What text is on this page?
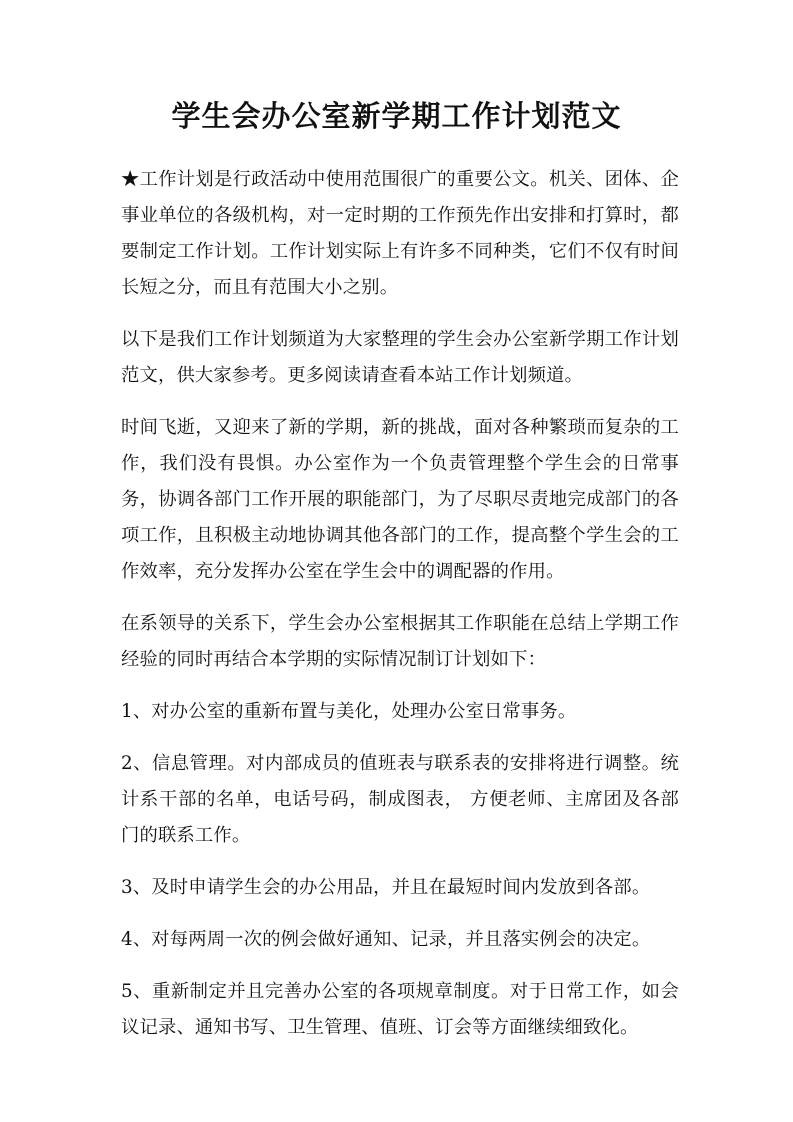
学生会办公室新学期工作计划范文

★工作计划是行政活动中使用范围很广的重要公文。机关、团体、企事业单位的各级机构，对一定时期的工作预先作出安排和打算时，都要制定工作计划。工作计划实际上有许多不同种类，它们不仅有时间长短之分，而且有范围大小之别。

以下是我们工作计划频道为大家整理的学生会办公室新学期工作计划范文，供大家参考。更多阅读请查看本站工作计划频道。

时间飞逝，又迎来了新的学期，新的挑战，面对各种繁琐而复杂的工作，我们没有畏惧。办公室作为一个负责管理整个学生会的日常事务，协调各部门工作开展的职能部门，为了尽职尽责地完成部门的各项工作，且积极主动地协调其他各部门的工作，提高整个学生会的工作效率，充分发挥办公室在学生会中的调配器的作用。

在系领导的关系下，学生会办公室根据其工作职能在总结上学期工作经验的同时再结合本学期的实际情况制订计划如下：

1、对办公室的重新布置与美化，处理办公室日常事务。

2、信息管理。对内部成员的值班表与联系表的安排将进行调整。统计系干部的名单，电话号码，制成图表， 方便老师、主席团及各部门的联系工作。

3、及时申请学生会的办公用品，并且在最短时间内发放到各部。

4、对每两周一次的例会做好通知、记录，并且落实例会的决定。

5、重新制定并且完善办公室的各项规章制度。对于日常工作，如会议记录、通知书写、卫生管理、值班、订会等方面继续细致化。
